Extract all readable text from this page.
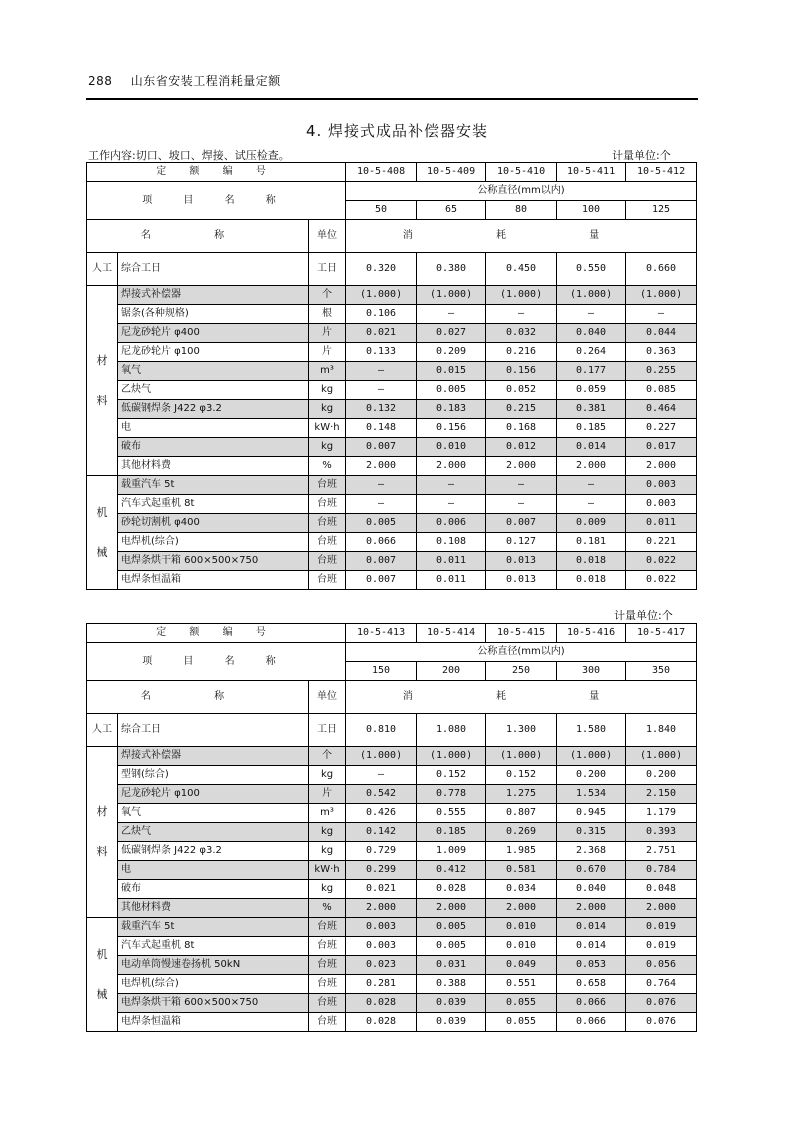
288 山东省安装工程消耗量定额
4. 焊接式成品补偿器安装
工作内容:切口、坡口、焊接、试压检查。	计量单位:个
定 额 编 号			10-5-408	10-5-409	10-5-410	10-5-411	10-5-412
项 目 名 称			公称直径(mm以内)				
			50	65	80	100	125
名 称		单位	消 耗 量				
人工	综合工日	工日	0.320	0.380	0.450	0.550	0.660

材
料	焊接式补偿器	个	(1.000)	(1.000)	(1.000)	(1.000)	(1.000)
	锯条(各种规格)	根	0.106	—	—	—	—
	尼龙砂轮片 φ400	片	0.021	0.027	0.032	0.040	0.044
	尼龙砂轮片 φ100	片	0.133	0.209	0.216	0.264	0.363
	氧气	m³	—	0.015	0.156	0.177	0.255
	乙炔气	kg	—	0.005	0.052	0.059	0.085
	低碳钢焊条 J422 φ3.2	kg	0.132	0.183	0.215	0.381	0.464
	电	kW·h	0.148	0.156	0.168	0.185	0.227
	破布	kg	0.007	0.010	0.012	0.014	0.017
	其他材料费	%	2.000	2.000	2.000	2.000	2.000

机
械	载重汽车 5t	台班	—	—	—	—	0.003
	汽车式起重机 8t	台班	—	—	—	—	0.003
	砂轮切割机 φ400	台班	0.005	0.006	0.007	0.009	0.011
	电焊机(综合)	台班	0.066	0.108	0.127	0.181	0.221
	电焊条烘干箱 600×500×750	台班	0.007	0.011	0.013	0.018	0.022
	电焊条恒温箱	台班	0.007	0.011	0.013	0.018	0.022
计量单位:个
定 额 编 号			10-5-413	10-5-414	10-5-415	10-5-416	10-5-417
项 目 名 称			公称直径(mm以内)				
			150	200	250	300	350
名 称		单位	消 耗 量				
人工	综合工日	工日	0.810	1.080	1.300	1.580	1.840

材
料	焊接式补偿器	个	(1.000)	(1.000)	(1.000)	(1.000)	(1.000)
	型钢(综合)	kg	—	0.152	0.152	0.200	0.200
	尼龙砂轮片 φ100	片	0.542	0.778	1.275	1.534	2.150
	氧气	m³	0.426	0.555	0.807	0.945	1.179
	乙炔气	kg	0.142	0.185	0.269	0.315	0.393
	低碳钢焊条 J422 φ3.2	kg	0.729	1.009	1.985	2.368	2.751
	电	kW·h	0.299	0.412	0.581	0.670	0.784
	破布	kg	0.021	0.028	0.034	0.040	0.048
	其他材料费	%	2.000	2.000	2.000	2.000	2.000

机
械	载重汽车 5t	台班	0.003	0.005	0.010	0.014	0.019
	汽车式起重机 8t	台班	0.003	0.005	0.010	0.014	0.019
	电动单筒慢速卷扬机 50kN	台班	0.023	0.031	0.049	0.053	0.056
	电焊机(综合)	台班	0.281	0.388	0.551	0.658	0.764
	电焊条烘干箱 600×500×750	台班	0.028	0.039	0.055	0.066	0.076
	电焊条恒温箱	台班	0.028	0.039	0.055	0.066	0.076
